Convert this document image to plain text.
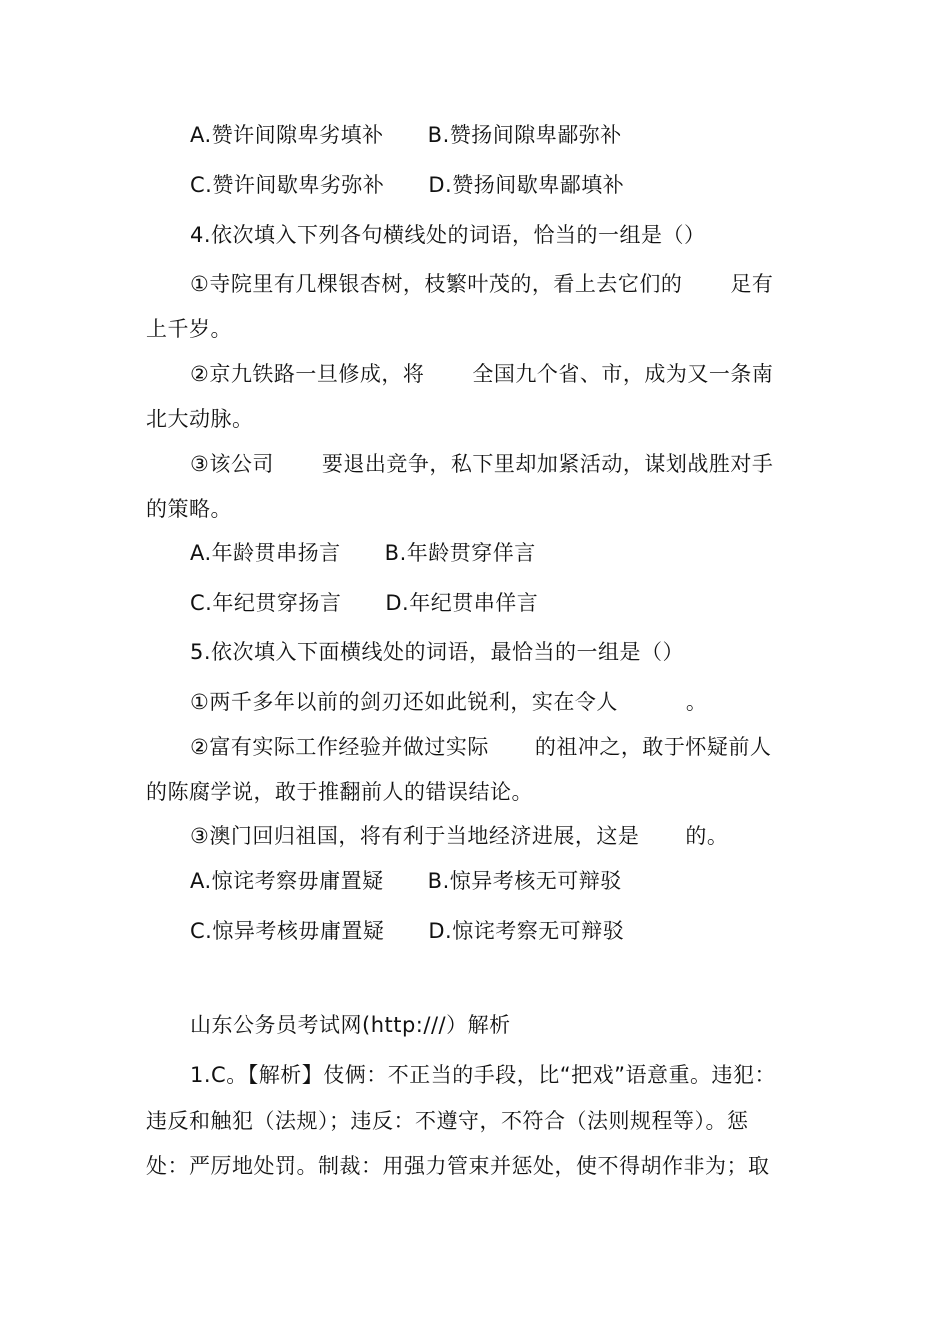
A.赞许间隙卑劣填补 B.赞扬间隙卑鄙弥补
C.赞许间歇卑劣弥补 D.赞扬间歇卑鄙填补
4.依次填入下列各句横线处的词语，恰当的一组是（）
①寺院里有几棵银杏树，枝繁叶茂的，看上去它们的 足有
上千岁。
②京九铁路一旦修成，将 全国九个省、市，成为又一条南
北大动脉。
③该公司 要退出竞争，私下里却加紧活动，谋划战胜对手
的策略。
A.年龄贯串扬言 B.年龄贯穿佯言
C.年纪贯穿扬言 D.年纪贯串佯言
5.依次填入下面横线处的词语，最恰当的一组是（）
①两千多年以前的剑刃还如此锐利，实在令人	。
②富有实际工作经验并做过实际 的祖冲之，敢于怀疑前人
的陈腐学说，敢于推翻前人的错误结论。
③澳门回归祖国，将有利于当地经济进展，这是 的。
A.惊诧考察毋庸置疑 B.惊异考核无可辩驳
C.惊异考核毋庸置疑 D.惊诧考察无可辩驳
山东公务员考试网(http:///）解析
1.C。【解析】伎俩：不正当的手段，比“把戏”语意重。违犯：
违反和触犯（法规）；违反：不遵守，不符合（法则规程等）。惩
处：严厉地处罚。制裁：用强力管束并惩处，使不得胡作非为；取
